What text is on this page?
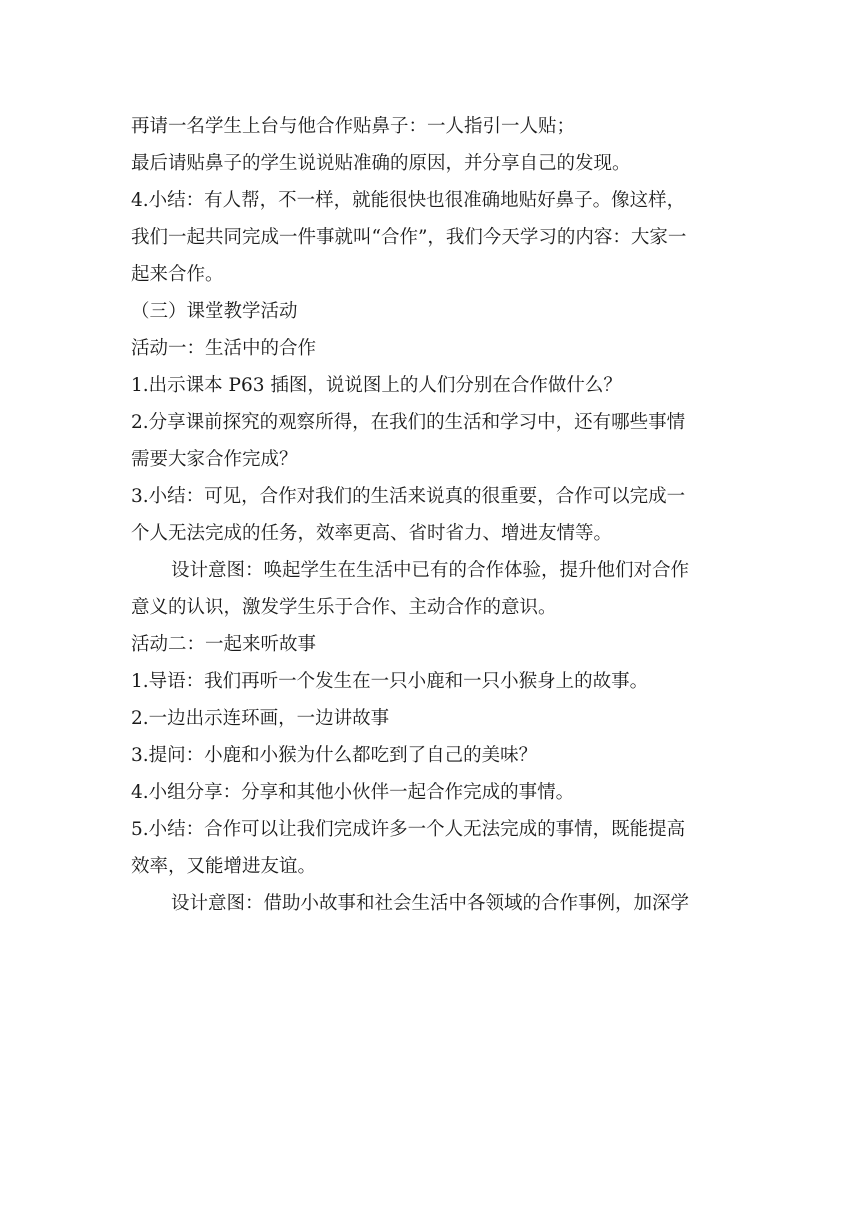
再请一名学生上台与他合作贴鼻子：一人指引一人贴；
最后请贴鼻子的学生说说贴准确的原因，并分享自己的发现。
4.小结：有人帮，不一样，就能很快也很准确地贴好鼻子。像这样，
我们一起共同完成一件事就叫“合作”，我们今天学习的内容：大家一
起来合作。
（三）课堂教学活动
活动一：生活中的合作
1.出示课本 P63 插图，说说图上的人们分别在合作做什么？
2.分享课前探究的观察所得，在我们的生活和学习中，还有哪些事情
需要大家合作完成？
3.小结：可见，合作对我们的生活来说真的很重要，合作可以完成一
个人无法完成的任务，效率更高、省时省力、增进友情等。
设计意图：唤起学生在生活中已有的合作体验，提升他们对合作
意义的认识，激发学生乐于合作、主动合作的意识。
活动二：一起来听故事
1.导语：我们再听一个发生在一只小鹿和一只小猴身上的故事。
2.一边出示连环画，一边讲故事
3.提问：小鹿和小猴为什么都吃到了自己的美味？
4.小组分享：分享和其他小伙伴一起合作完成的事情。
5.小结：合作可以让我们完成许多一个人无法完成的事情，既能提高
效率，又能增进友谊。
设计意图：借助小故事和社会生活中各领域的合作事例，加深学
